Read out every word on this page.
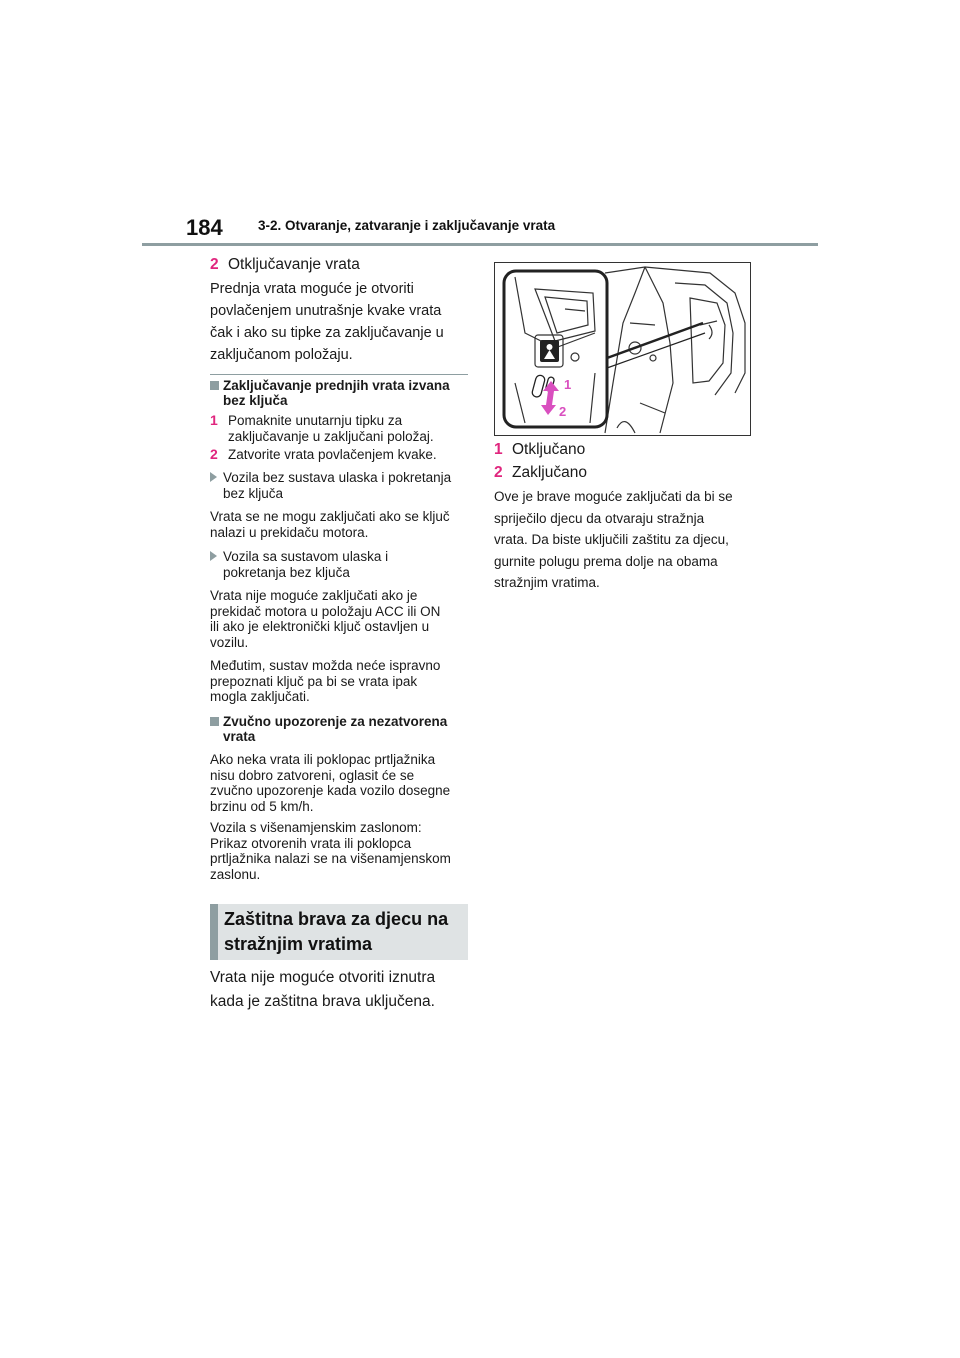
184	3-2. Otvaranje, zatvaranje i zaključavanje vrata

2 Otključavanje vrata

Prednja vrata moguće je otvoriti

povlačenjem unutrašnje kvake vrata

čak i ako su tipke za zaključavanje u

zaključanom položaju.

Zaključavanje prednjih vrata izvana
bez ključa

1 Pomaknite unutarnju tipku za

zaključavanje u zaključani položaj.

2 Zatvorite vrata povlačenjem kvake.

Vozila bez sustava ulaska i pokretanja

bez ključa

Vrata se ne mogu zaključati ako se ključ

nalazi u prekidaču motora.

Vozila sa sustavom ulaska i

pokretanja bez ključa

Vrata nije moguće zaključati ako je

prekidač motora u položaju ACC ili ON

ili ako je elektronički ključ ostavljen u

vozilu.

Međutim, sustav možda neće ispravno

prepoznati ključ pa bi se vrata ipak

mogla zaključati.

Zvučno upozorenje za nezatvorena
vrata

Ako neka vrata ili poklopac prtljažnika

nisu dobro zatvoreni, oglasit će se

zvučno upozorenje kada vozilo dosegne

brzinu od 5 km/h.

Vozila s višenamjenskim zaslonom:

Prikaz otvorenih vrata ili poklopca

prtljažnika nalazi se na višenamjenskom

zaslonu.

Zaštitna brava za djecu na
stražnjim vratima

Vrata nije moguće otvoriti iznutra

kada je zaštitna brava uključena.

1
2

1 Otključano

2 Zaključano

Ove je brave moguće zaključati da bi se

spriječilo djecu da otvaraju stražnja

vrata. Da biste uključili zaštitu za djecu,

gurnite polugu prema dolje na obama

stražnjim vratima.
